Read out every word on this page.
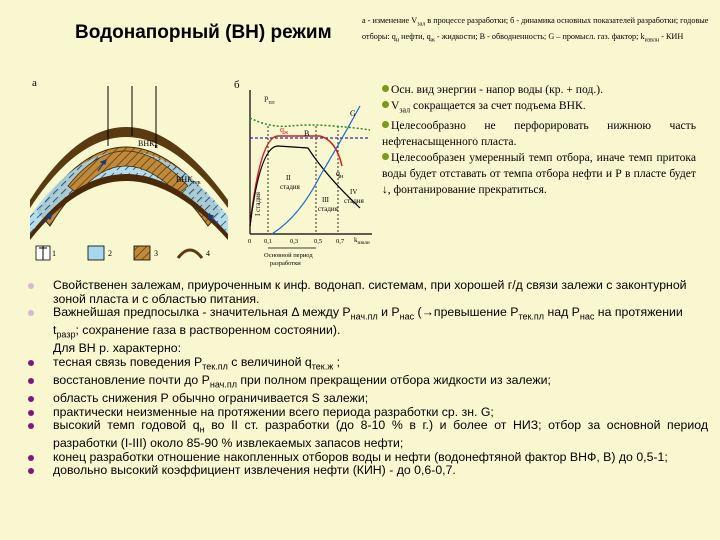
Водонапорный (ВН) режим
а - изменение $V_{зал}$ в процессе разработки; б - динамика основных показателей разработки; годовые отборы: $q_н$ нефти, $q_ж$ - жидкости; В - обводненность; G – промысл. газ. фактор; $k_{извлн}$ - КИН
а
$ВНК_н$
$ВНК_{тек}$
1	2	3	4
б
$Р_{пл}$
G
$q_ж$ В
$q_н$
I стадия
II стадия
III стадия
IV стадия
0 0,1	0,3 0,5 0,7 $k_{извлн}$
Основной период разработки

Осн. вид энергии - напор воды (кр. + под.).

$V_{зал}$ сокращается за счет подъема ВНК.

Целесообразно не перфорировать нижнюю часть нефтенасыщенного пласта.

Целесообразен умеренный темп отбора, иначе темп притока воды будет отставать от темпа отбора нефти и Р в пласте будет ↓, фонтанирование прекратиться.

Свойственен залежам, приуроченным к инф. водонап. системам, при хорошей г/д связи залежи с законтурной зоной пласта и с областью питания.
Важнейшая предпосылка - значительная Δ между $Р_{нач.пл}$ и $Р_{нас}$ (→превышение $Р_{тек.пл}$ над $Р_{нас}$ на протяжении $t_{разр}$; сохранение газа в растворенном состоянии).
Для ВН р. характерно:
тесная связь поведения $Р_{тек.пл}$ с величиной $q_{тек.ж}$ ;
восстановление почти до $Р_{нач.пл}$ при полном прекращении отбора жидкости из залежи;
область снижения Р обычно ограничивается S залежи;
практически неизменные на протяжении всего периода разработки ср. зн. G;
высокий темп годовой $q_н$ во II ст. разработки (до 8-10 % в г.) и более от НИЗ; отбор за основной период разработки (I-III) около 85-90 % извлекаемых запасов нефти;
конец разработки отношение накопленных отборов воды и нефти (водонефтяной фактор ВНФ, В) до 0,5-1;
довольно высокий коэффициент извлечения нефти (КИН) - до 0,6-0,7.
